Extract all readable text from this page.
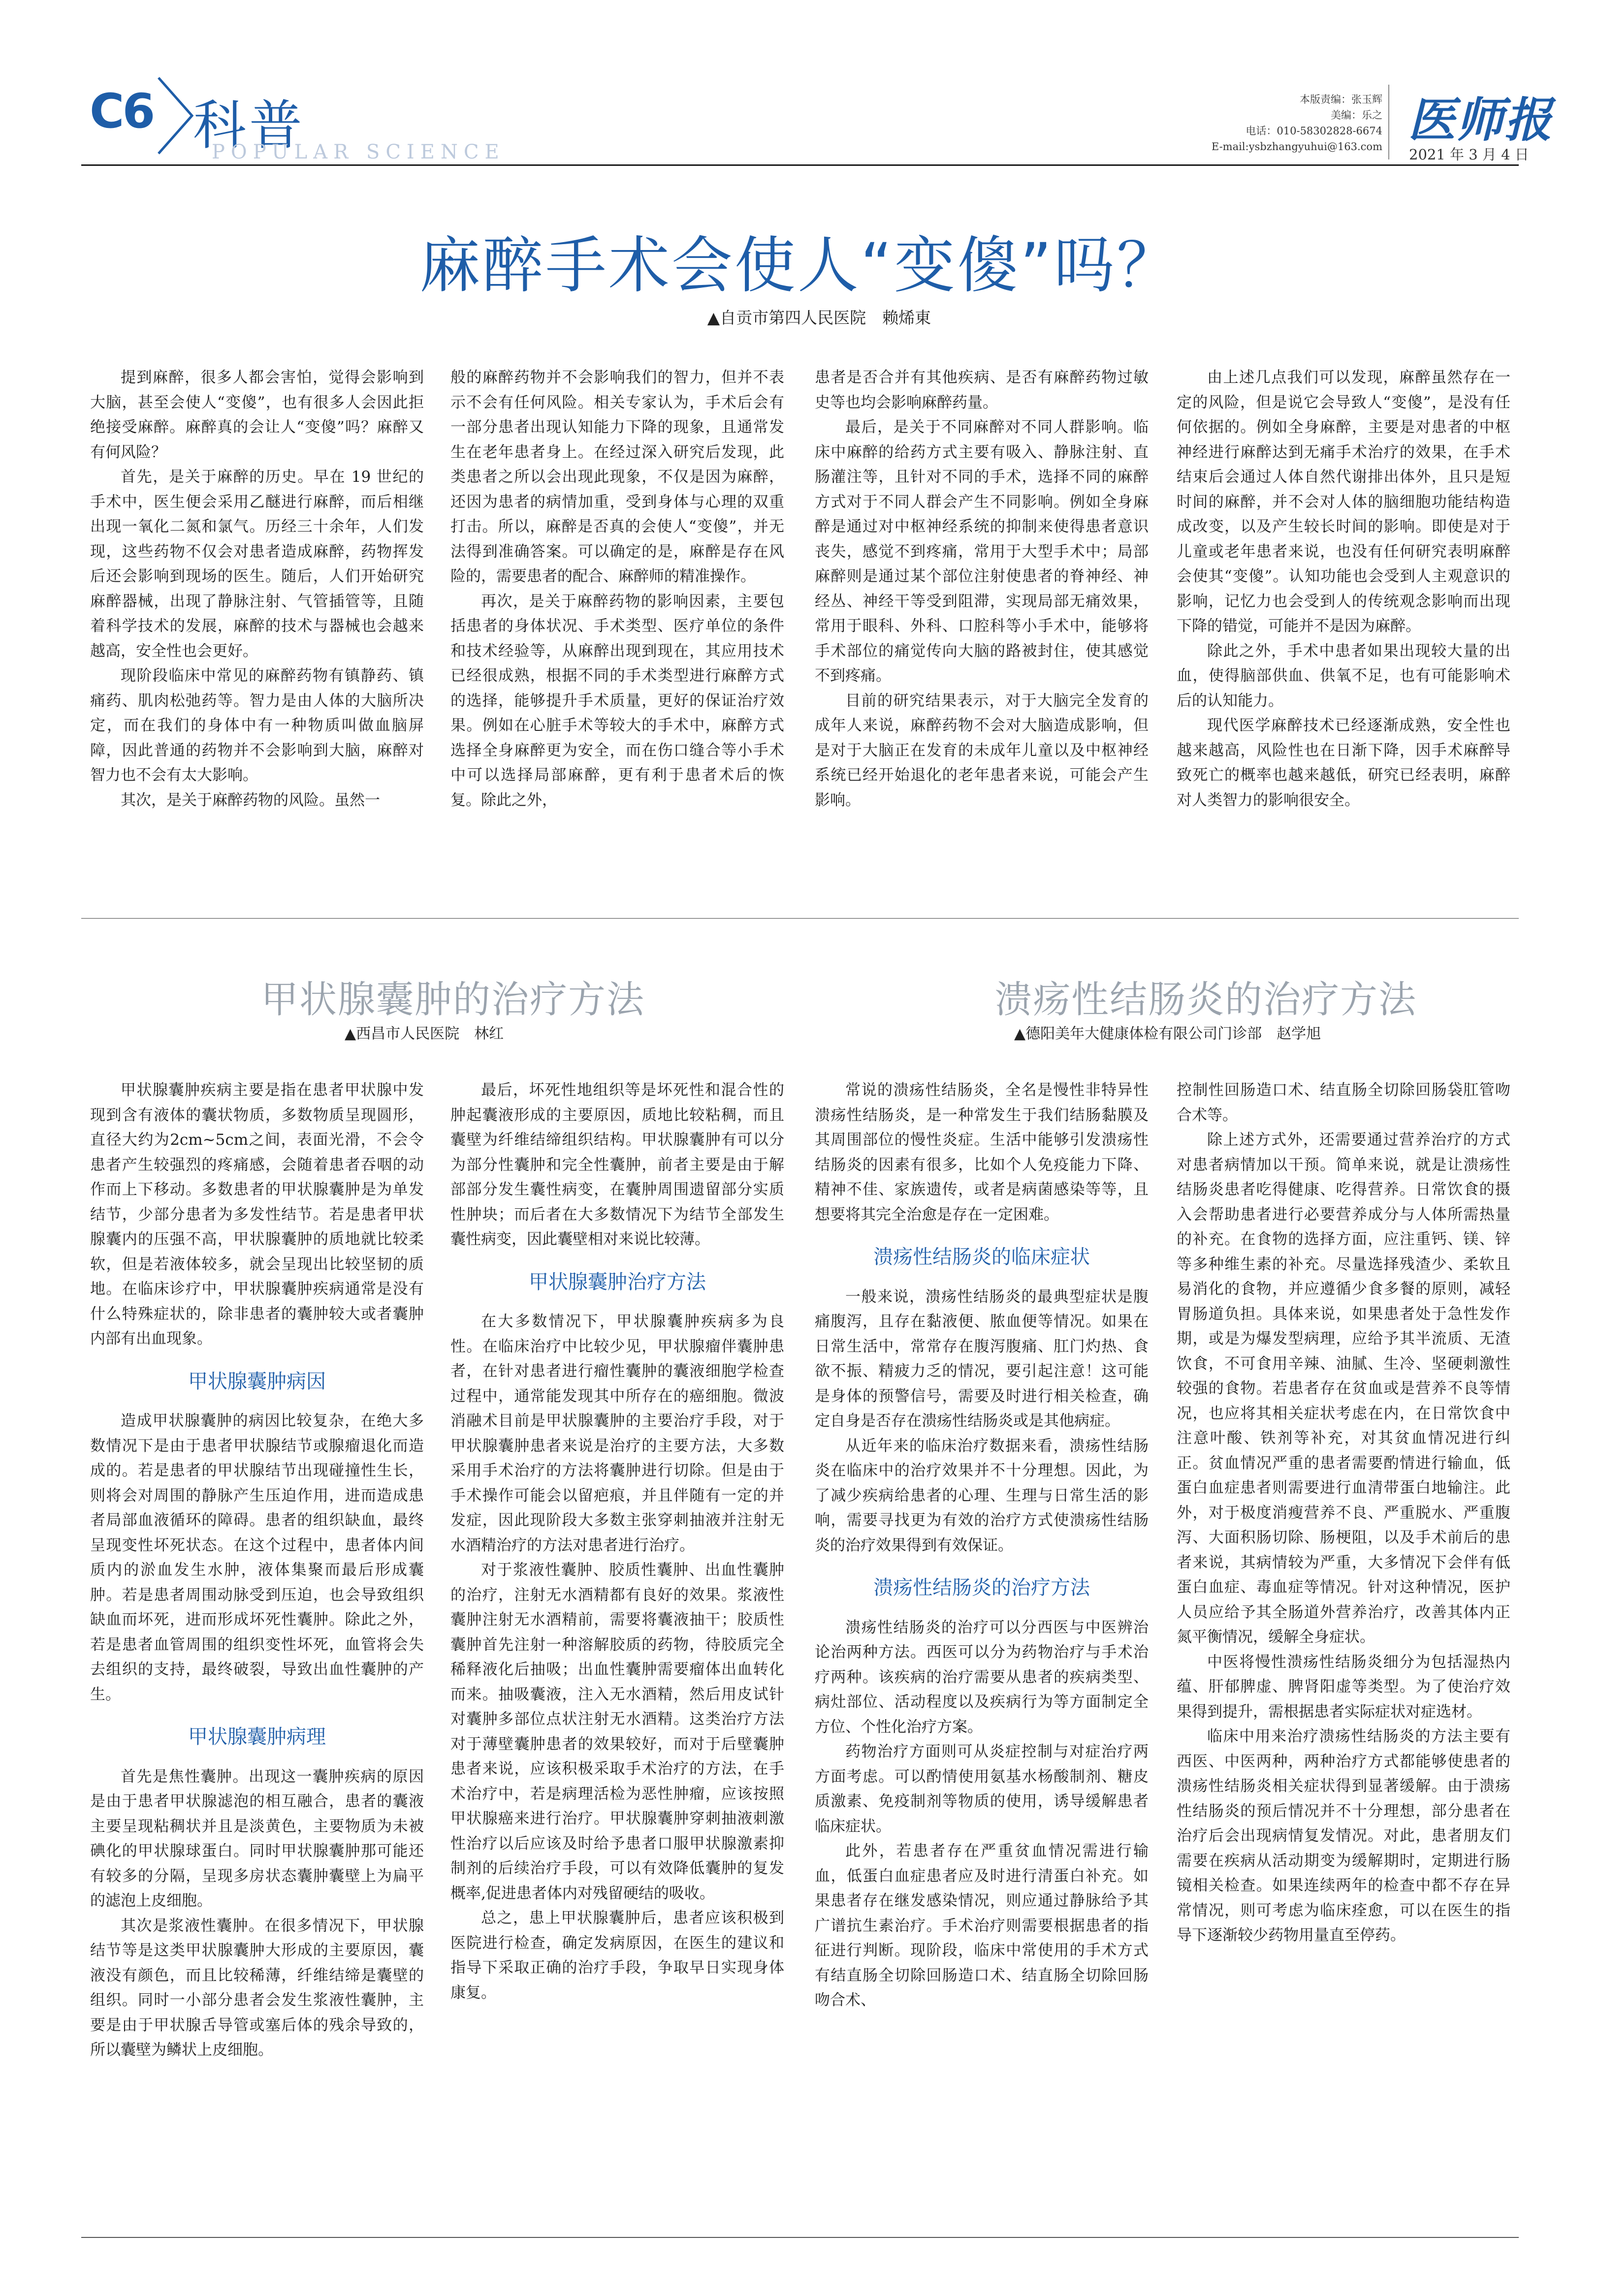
C6 科普
POPULAR SCIENCE
本版责编：张玉辉
美编：乐之
电话：010-58302828-6674
E-mail:ysbzhangyuhui@163.com 医师报
2021 年 3 月 4 日
麻醉手术会使人“变傻”吗？
▲自贡市第四人民医院　赖烯東

提到麻醉，很多人都会害怕，觉得会影响到大脑，甚至会使人“变傻”，也有很多人会因此拒绝接受麻醉。麻醉真的会让人“变傻”吗？麻醉又有何风险？

首先，是关于麻醉的历史。早在 19 世纪的手术中，医生便会采用乙醚进行麻醉，而后相继出现一氧化二氮和氯气。历经三十余年，人们发现，这些药物不仅会对患者造成麻醉，药物挥发后还会影响到现场的医生。随后，人们开始研究麻醉器械，出现了静脉注射、气管插管等，且随着科学技术的发展，麻醉的技术与器械也会越来越高，安全性也会更好。

现阶段临床中常见的麻醉药物有镇静药、镇痛药、肌肉松弛药等。智力是由人体的大脑所决定，而在我们的身体中有一种物质叫做血脑屏障，因此普通的药物并不会影响到大脑，麻醉对智力也不会有太大影响。

其次，是关于麻醉药物的风险。虽然一

般的麻醉药物并不会影响我们的智力，但并不表示不会有任何风险。相关专家认为，手术后会有一部分患者出现认知能力下降的现象，且通常发生在老年患者身上。在经过深入研究后发现，此类患者之所以会出现此现象，不仅是因为麻醉，还因为患者的病情加重，受到身体与心理的双重打击。所以，麻醉是否真的会使人“变傻”，并无法得到准确答案。可以确定的是，麻醉是存在风险的，需要患者的配合、麻醉师的精准操作。

再次，是关于麻醉药物的影响因素，主要包括患者的身体状况、手术类型、医疗单位的条件和技术经验等，从麻醉出现到现在，其应用技术已经很成熟，根据不同的手术类型进行麻醉方式的选择，能够提升手术质量，更好的保证治疗效果。例如在心脏手术等较大的手术中，麻醉方式选择全身麻醉更为安全，而在伤口缝合等小手术中可以选择局部麻醉，更有利于患者术后的恢复。除此之外，

患者是否合并有其他疾病、是否有麻醉药物过敏史等也均会影响麻醉药量。

最后，是关于不同麻醉对不同人群影响。临床中麻醉的给药方式主要有吸入、静脉注射、直肠灌注等，且针对不同的手术，选择不同的麻醉方式对于不同人群会产生不同影响。例如全身麻醉是通过对中枢神经系统的抑制来使得患者意识丧失，感觉不到疼痛，常用于大型手术中；局部麻醉则是通过某个部位注射使患者的脊神经、神经丛、神经干等受到阻滞，实现局部无痛效果，常用于眼科、外科、口腔科等小手术中，能够将手术部位的痛觉传向大脑的路被封住，使其感觉不到疼痛。

目前的研究结果表示，对于大脑完全发育的成年人来说，麻醉药物不会对大脑造成影响，但是对于大脑正在发育的未成年儿童以及中枢神经系统已经开始退化的老年患者来说，可能会产生影响。

由上述几点我们可以发现，麻醉虽然存在一定的风险，但是说它会导致人“变傻”，是没有任何依据的。例如全身麻醉，主要是对患者的中枢神经进行麻醉达到无痛手术治疗的效果，在手术结束后会通过人体自然代谢排出体外，且只是短时间的麻醉，并不会对人体的脑细胞功能结构造成改变，以及产生较长时间的影响。即使是对于儿童或老年患者来说，也没有任何研究表明麻醉会使其“变傻”。认知功能也会受到人主观意识的影响，记忆力也会受到人的传统观念影响而出现下降的错觉，可能并不是因为麻醉。

除此之外，手术中患者如果出现较大量的出血，使得脑部供血、供氧不足，也有可能影响术后的认知能力。

现代医学麻醉技术已经逐渐成熟，安全性也越来越高，风险性也在日渐下降，因手术麻醉导致死亡的概率也越来越低，研究已经表明，麻醉对人类智力的影响很安全。

甲状腺囊肿的治疗方法
▲西昌市人民医院　林红

甲状腺囊肿疾病主要是指在患者甲状腺中发现到含有液体的囊状物质，多数物质呈现圆形，直径大约为2cm~5cm之间，表面光滑，不会令患者产生较强烈的疼痛感，会随着患者吞咽的动作而上下移动。多数患者的甲状腺囊肿是为单发结节，少部分患者为多发性结节。若是患者甲状腺囊内的压强不高，甲状腺囊肿的质地就比较柔软，但是若液体较多，就会呈现出比较坚韧的质地。在临床诊疗中，甲状腺囊肿疾病通常是没有什么特殊症状的，除非患者的囊肿较大或者囊肿内部有出血现象。

甲状腺囊肿病因

造成甲状腺囊肿的病因比较复杂，在绝大多数情况下是由于患者甲状腺结节或腺瘤退化而造成的。若是患者的甲状腺结节出现碰撞性生长，则将会对周围的静脉产生压迫作用，进而造成患者局部血液循环的障碍。患者的组织缺血，最终呈现变性坏死状态。在这个过程中，患者体内间质内的淤血发生水肿，液体集聚而最后形成囊肿。若是患者周围动脉受到压迫，也会导致组织缺血而坏死，进而形成坏死性囊肿。除此之外，若是患者血管周围的组织变性坏死，血管将会失去组织的支持，最终破裂，导致出血性囊肿的产生。

甲状腺囊肿病理

首先是焦性囊肿。出现这一囊肿疾病的原因是由于患者甲状腺滤泡的相互融合，患者的囊液主要呈现粘稠状并且是淡黄色，主要物质为未被碘化的甲状腺球蛋白。同时甲状腺囊肿那可能还有较多的分隔，呈现多房状态囊肿囊壁上为扁平的滤泡上皮细胞。

其次是浆液性囊肿。在很多情况下，甲状腺结节等是这类甲状腺囊肿大形成的主要原因，囊液没有颜色，而且比较稀薄，纤维结缔是囊壁的组织。同时一小部分患者会发生浆液性囊肿，主要是由于甲状腺舌导管或塞后体的残余导致的，所以囊壁为鳞状上皮细胞。

最后，坏死性地组织等是坏死性和混合性的肿起囊液形成的主要原因，质地比较粘稠，而且囊壁为纤维结缔组织结构。甲状腺囊肿有可以分为部分性囊肿和完全性囊肿，前者主要是由于解部部分发生囊性病变，在囊肿周围遗留部分实质性肿块；而后者在大多数情况下为结节全部发生囊性病变，因此囊壁相对来说比较薄。

甲状腺囊肿治疗方法

在大多数情况下，甲状腺囊肿疾病多为良性。在临床治疗中比较少见，甲状腺瘤伴囊肿患者，在针对患者进行瘤性囊肿的囊液细胞学检查过程中，通常能发现其中所存在的癌细胞。微波消融术目前是甲状腺囊肿的主要治疗手段，对于甲状腺囊肿患者来说是治疗的主要方法，大多数采用手术治疗的方法将囊肿进行切除。但是由于手术操作可能会以留疤痕，并且伴随有一定的并发症，因此现阶段大多数主张穿刺抽液并注射无水酒精治疗的方法对患者进行治疗。

对于浆液性囊肿、胶质性囊肿、出血性囊肿的治疗，注射无水酒精都有良好的效果。浆液性囊肿注射无水酒精前，需要将囊液抽干；胶质性囊肿首先注射一种溶解胶质的药物，待胶质完全稀释液化后抽吸；出血性囊肿需要瘤体出血转化而来。抽吸囊液，注入无水酒精，然后用皮试针对囊肿多部位点状注射无水酒精。这类治疗方法对于薄壁囊肿患者的效果较好，而对于后壁囊肿患者来说，应该积极采取手术治疗的方法，在手术治疗中，若是病理活检为恶性肿瘤，应该按照甲状腺癌来进行治疗。甲状腺囊肿穿刺抽液刺激性治疗以后应该及时给予患者口服甲状腺激素抑制剂的后续治疗手段，可以有效降低囊肿的复发概率,促进患者体内对残留硬结的吸收。

总之，患上甲状腺囊肿后，患者应该积极到医院进行检查，确定发病原因，在医生的建议和指导下采取正确的治疗手段，争取早日实现身体康复。

溃疡性结肠炎的治疗方法
▲德阳美年大健康体检有限公司门诊部　赵学旭

常说的溃疡性结肠炎，全名是慢性非特异性溃疡性结肠炎，是一种常发生于我们结肠黏膜及其周围部位的慢性炎症。生活中能够引发溃疡性结肠炎的因素有很多，比如个人免疫能力下降、精神不佳、家族遗传，或者是病菌感染等等，且想要将其完全治愈是存在一定困难。

溃疡性结肠炎的临床症状

一般来说，溃疡性结肠炎的最典型症状是腹痛腹泻，且存在黏液便、脓血便等情况。如果在日常生活中，常常存在腹泻腹痛、肛门灼热、食欲不振、精疲力乏的情况，要引起注意！这可能是身体的预警信号，需要及时进行相关检查，确定自身是否存在溃疡性结肠炎或是其他病症。

从近年来的临床治疗数据来看，溃疡性结肠炎在临床中的治疗效果并不十分理想。因此，为了减少疾病给患者的心理、生理与日常生活的影响，需要寻找更为有效的治疗方式使溃疡性结肠炎的治疗效果得到有效保证。

溃疡性结肠炎的治疗方法

溃疡性结肠炎的治疗可以分西医与中医辨治论治两种方法。西医可以分为药物治疗与手术治疗两种。该疾病的治疗需要从患者的疾病类型、病灶部位、活动程度以及疾病行为等方面制定全方位、个性化治疗方案。

药物治疗方面则可从炎症控制与对症治疗两方面考虑。可以酌情使用氨基水杨酸制剂、糖皮质激素、免疫制剂等物质的使用，诱导缓解患者临床症状。

此外，若患者存在严重贫血情况需进行输血，低蛋白血症患者应及时进行清蛋白补充。如果患者存在继发感染情况，则应通过静脉给予其广谱抗生素治疗。手术治疗则需要根据患者的指征进行判断。现阶段，临床中常使用的手术方式有结直肠全切除回肠造口术、结直肠全切除回肠吻合术、

控制性回肠造口术、结直肠全切除回肠袋肛管吻合术等。

除上述方式外，还需要通过营养治疗的方式对患者病情加以干预。简单来说，就是让溃疡性结肠炎患者吃得健康、吃得营养。日常饮食的摄入会帮助患者进行必要营养成分与人体所需热量的补充。在食物的选择方面，应注重钙、镁、锌等多种维生素的补充。尽量选择残渣少、柔软且易消化的食物，并应遵循少食多餐的原则，减轻胃肠道负担。具体来说，如果患者处于急性发作期，或是为爆发型病理，应给予其半流质、无渣饮食，不可食用辛辣、油腻、生冷、坚硬刺激性较强的食物。若患者存在贫血或是营养不良等情况，也应将其相关症状考虑在内，在日常饮食中注意叶酸、铁剂等补充，对其贫血情况进行纠正。贫血情况严重的患者需要酌情进行输血，低蛋白血症患者则需要进行血清带蛋白地输注。此外，对于极度消瘦营养不良、严重脱水、严重腹泻、大面积肠切除、肠梗阻，以及手术前后的患者来说，其病情较为严重，大多情况下会伴有低蛋白血症、毒血症等情况。针对这种情况，医护人员应给予其全肠道外营养治疗，改善其体内正氮平衡情况，缓解全身症状。

中医将慢性溃疡性结肠炎细分为包括湿热内蕴、肝郁脾虚、脾肾阳虚等类型。为了使治疗效果得到提升，需根据患者实际症状对症选材。

临床中用来治疗溃疡性结肠炎的方法主要有西医、中医两种，两种治疗方式都能够使患者的溃疡性结肠炎相关症状得到显著缓解。由于溃疡性结肠炎的预后情况并不十分理想，部分患者在治疗后会出现病情复发情况。对此，患者朋友们需要在疾病从活动期变为缓解期时，定期进行肠镜相关检查。如果连续两年的检查中都不存在异常情况，则可考虑为临床痊愈，可以在医生的指导下逐渐较少药物用量直至停药。
